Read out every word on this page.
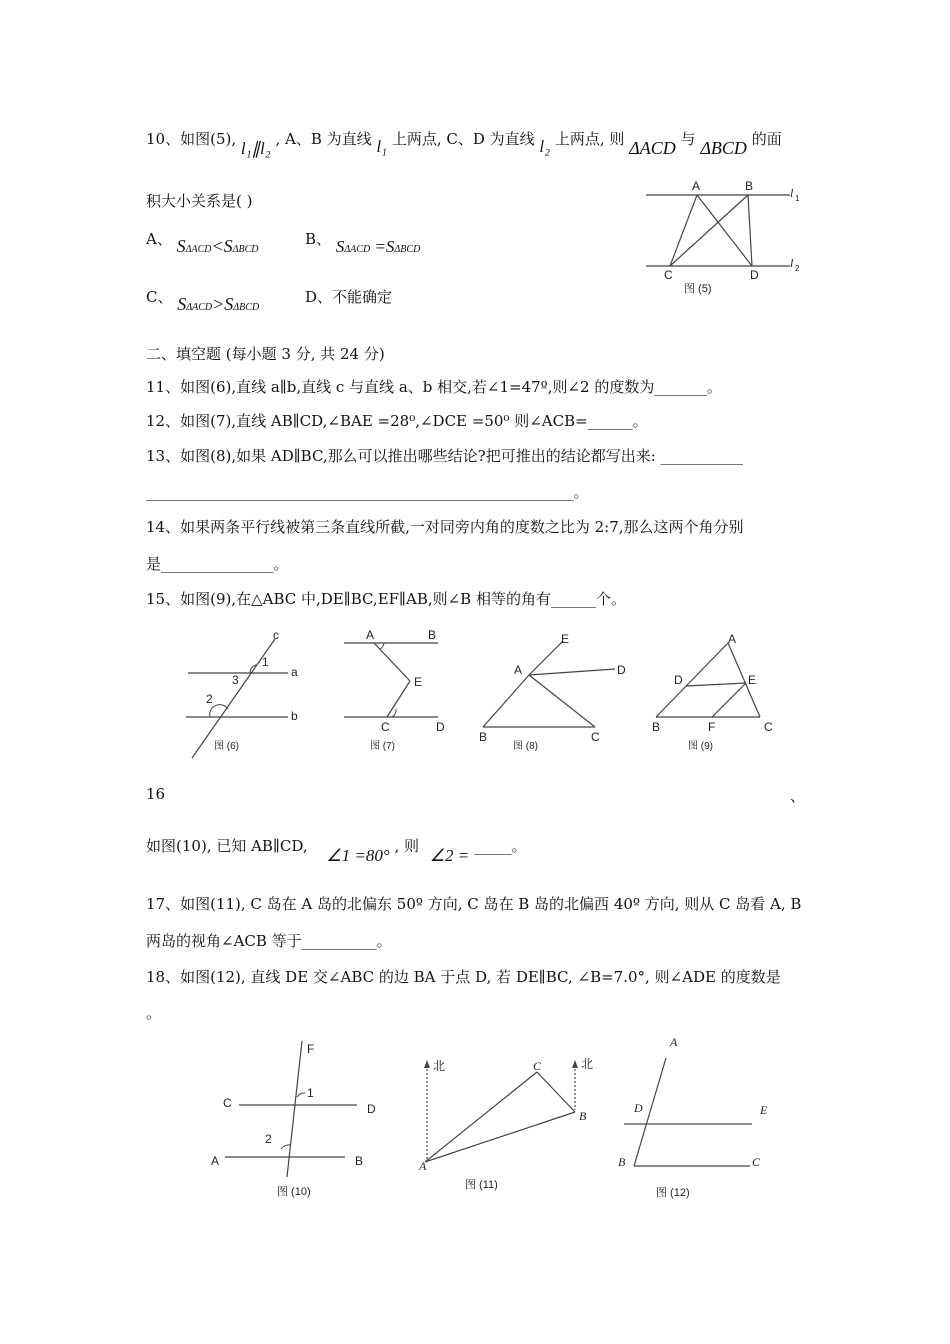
10、如图(5), l₁∥l₂ , A、B 为直线 l₁ 上两点, C、D 为直线 l₂ 上两点, 则 ΔACD 与 ΔBCD 的面
积大小关系是( )
A、 SΔACD<SΔBCD
B、 SΔACD =SΔBCD
C、 SΔACD>SΔBCD
D、不能确定
A	B
C	D
l 1
l 2
图 (5)
二、填空题 (每小题 3 分, 共 24 分)
11、如图(6),直线 a∥b,直线 c 与直线 a、b 相交,若∠1=47º,则∠2 的度数为_______。
12、如图(7),直线 AB∥CD,∠BAE =28⁰,∠DCE =50⁰ 则∠ACB=______。
13、如图(8),如果 AD∥BC,那么可以推出哪些结论?把可推出的结论都写出来: ___________
_________________________________________________________。
14、如果两条平行线被第三条直线所截,一对同旁内角的度数之比为 2:7,那么这两个角分别
是_______________。
15、如图(9),在△ABC 中,DE∥BC,EF∥AB,则∠B 相等的角有______个。
c
a
b
1
3
2
图 (6)
A	B
E
C	D
图 (7)
E
A	D
B	C
图 (8)
A
D	E
B	F	C
图 (9)
16	、
如图(10), 已知 AB∥CD, ∠1 =80° , 则 ∠2 = _____。
17、如图(11), C 岛在 A 岛的北偏东 50º 方向, C 岛在 B 岛的北偏西 40º 方向, 则从 C 岛看 A, B
两岛的视角∠ACB 等于__________。
18、如图(12), 直线 DE 交∠ABC 的边 BA 于点 D, 若 DE∥BC, ∠B=7.0°, 则∠ADE 的度数是
。
F
C	D
A	B
1
2
图 (10)
北	北
C
B
A
图 (11)
A
D	E
B	C
图 (12)
